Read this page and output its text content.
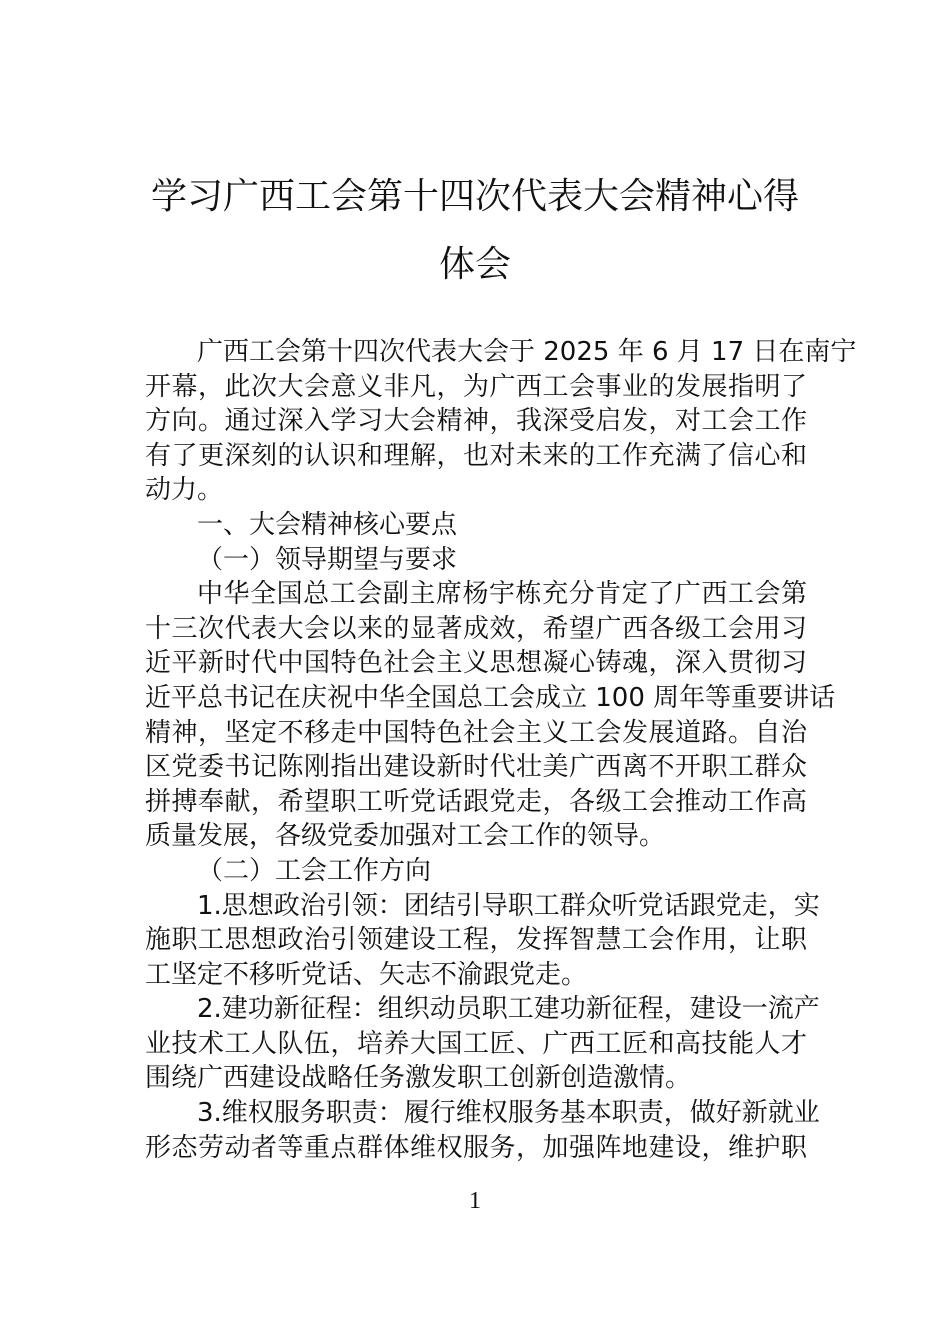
学习广西工会第十四次代表大会精神心得
体会
广西工会第十四次代表大会于 2025 年 6 月 17 日在南宁
开幕，此次大会意义非凡，为广西工会事业的发展指明了
方向。通过深入学习大会精神，我深受启发，对工会工作
有了更深刻的认识和理解，也对未来的工作充满了信心和
动力。
一、大会精神核心要点
（一）领导期望与要求
中华全国总工会副主席杨宇栋充分肯定了广西工会第
十三次代表大会以来的显著成效，希望广西各级工会用习
近平新时代中国特色社会主义思想凝心铸魂，深入贯彻习
近平总书记在庆祝中华全国总工会成立 100 周年等重要讲话
精神，坚定不移走中国特色社会主义工会发展道路。自治
区党委书记陈刚指出建设新时代壮美广西离不开职工群众
拼搏奉献，希望职工听党话跟党走，各级工会推动工作高
质量发展，各级党委加强对工会工作的领导。
（二）工会工作方向
1.思想政治引领：团结引导职工群众听党话跟党走，实
施职工思想政治引领建设工程，发挥智慧工会作用，让职
工坚定不移听党话、矢志不渝跟党走。
2.建功新征程：组织动员职工建功新征程，建设一流产
业技术工人队伍，培养大国工匠、广西工匠和高技能人才
围绕广西建设战略任务激发职工创新创造激情。
3.维权服务职责：履行维权服务基本职责，做好新就业
形态劳动者等重点群体维权服务，加强阵地建设，维护职
1
